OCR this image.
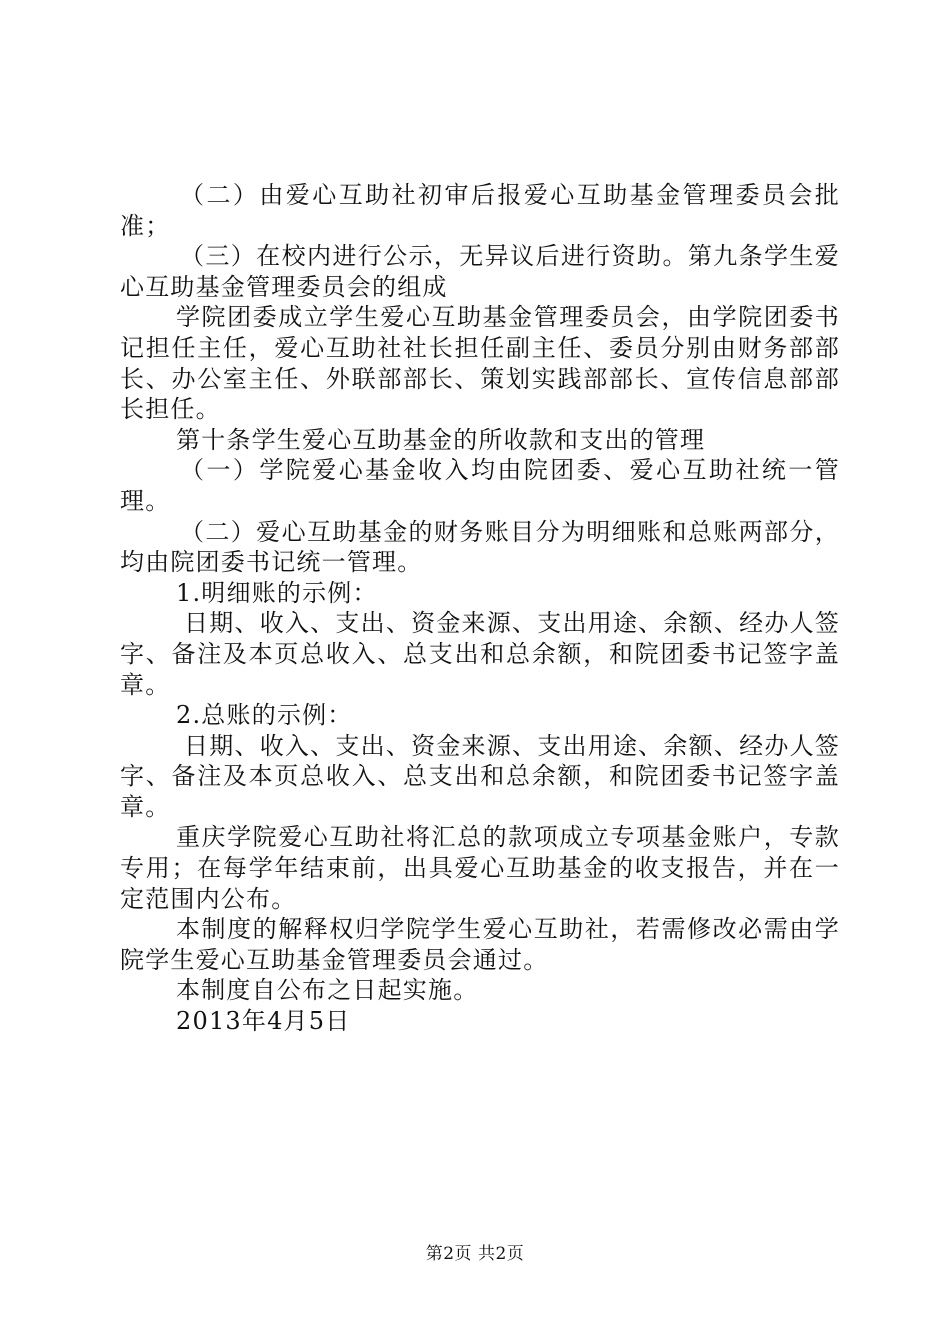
（二）由爱心互助社初审后报爱心互助基金管理委员会批准；

（三）在校内进行公示，无异议后进行资助。第九条学生爱心互助基金管理委员会的组成

学院团委成立学生爱心互助基金管理委员会，由学院团委书记担任主任，爱心互助社社长担任副主任、委员分别由财务部部长、办公室主任、外联部部长、策划实践部部长、宣传信息部部长担任。

第十条学生爱心互助基金的所收款和支出的管理

（一）学院爱心基金收入均由院团委、爱心互助社统一管理。

（二）爱心互助基金的财务账目分为明细账和总账两部分，均由院团委书记统一管理。

1.明细账的示例：

日期、收入、支出、资金来源、支出用途、余额、经办人签字、备注及本页总收入、总支出和总余额，和院团委书记签字盖章。

2.总账的示例：

日期、收入、支出、资金来源、支出用途、余额、经办人签字、备注及本页总收入、总支出和总余额，和院团委书记签字盖章。

重庆学院爱心互助社将汇总的款项成立专项基金账户，专款专用；在每学年结束前，出具爱心互助基金的收支报告，并在一定范围内公布。

本制度的解释权归学院学生爱心互助社，若需修改必需由学院学生爱心互助基金管理委员会通过。

本制度自公布之日起实施。

2013年4月5日

第2页 共2页
